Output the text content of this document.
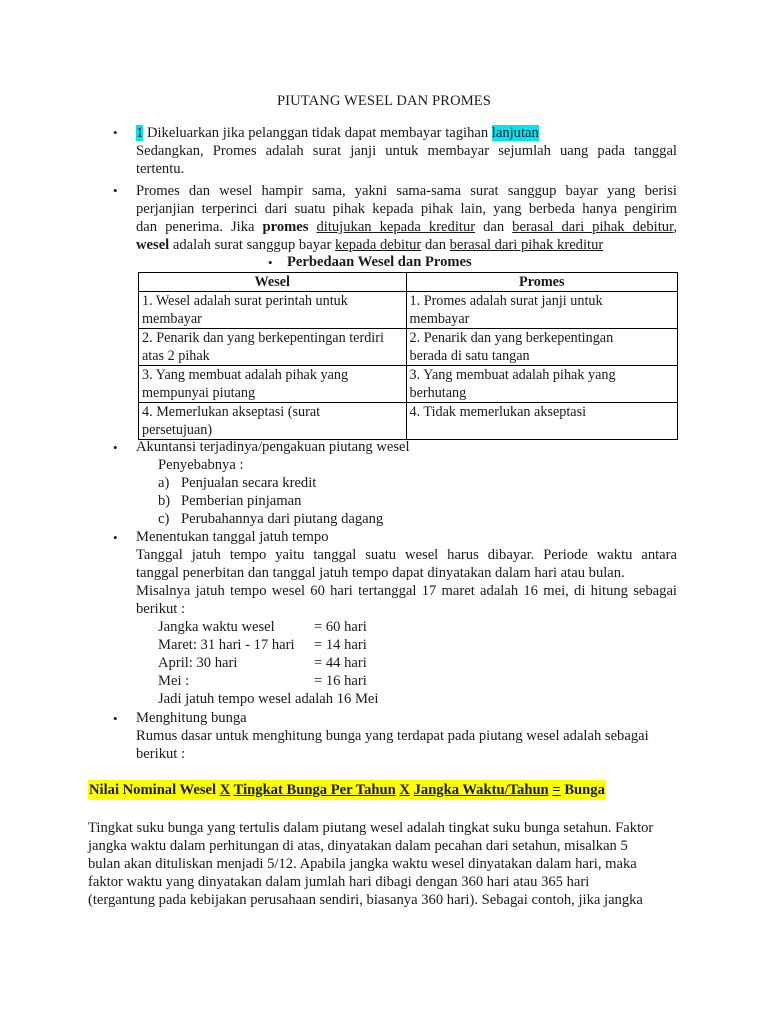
PIUTANG WESEL DAN PROMES
• 1 Dikeluarkan jika pelanggan tidak dapat membayar tagihan lanjutan
Sedangkan, Promes adalah surat janji untuk membayar sejumlah uang pada tanggal
tertentu.
• Promes dan wesel hampir sama, yakni sama-sama surat sanggup bayar yang berisi
perjanjian terperinci dari suatu pihak kepada pihak lain, yang berbeda hanya pengirim
dan penerima. Jika promes ditujukan kepada kreditur dan berasal dari pihak debitur,
wesel adalah surat sanggup bayar kepada debitur dan berasal dari pihak kreditur
• Perbedaan Wesel dan Promes
Wesel	Promes
1. Wesel adalah surat perintah untuk
membayar	1. Promes adalah surat janji untuk
membayar
2. Penarik dan yang berkepentingan terdiri
atas 2 pihak	2. Penarik dan yang berkepentingan
berada di satu tangan
3. Yang membuat adalah pihak yang
mempunyai piutang	3. Yang membuat adalah pihak yang
berhutang
4. Memerlukan akseptasi (surat
persetujuan)	4. Tidak memerlukan akseptasi

• Akuntansi terjadinya/pengakuan piutang wesel
Penyebabnya :
a) Penjualan secara kredit
b) Pemberian pinjaman
c) Perubahannya dari piutang dagang
• Menentukan tanggal jatuh tempo
Tanggal jatuh tempo yaitu tanggal suatu wesel harus dibayar. Periode waktu antara
tanggal penerbitan dan tanggal jatuh tempo dapat dinyatakan dalam hari atau bulan.
Misalnya jatuh tempo wesel 60 hari tertanggal 17 maret adalah 16 mei, di hitung sebagai
berikut :
Jangka waktu wesel	= 60 hari
Maret: 31 hari - 17 hari = 14 hari
April: 30 hari	= 44 hari
Mei :	= 16 hari
Jadi jatuh tempo wesel adalah 16 Mei
• Menghitung bunga
Rumus dasar untuk menghitung bunga yang terdapat pada piutang wesel adalah sebagai
berikut :
Nilai Nominal Wesel X Tingkat Bunga Per Tahun X Jangka Waktu/Tahun = Bunga
Tingkat suku bunga yang tertulis dalam piutang wesel adalah tingkat suku bunga setahun. Faktor
jangka waktu dalam perhitungan di atas, dinyatakan dalam pecahan dari setahun, misalkan 5
bulan akan dituliskan menjadi 5/12. Apabila jangka waktu wesel dinyatakan dalam hari, maka
faktor waktu yang dinyatakan dalam jumlah hari dibagi dengan 360 hari atau 365 hari
(tergantung pada kebijakan perusahaan sendiri, biasanya 360 hari). Sebagai contoh, jika jangka
